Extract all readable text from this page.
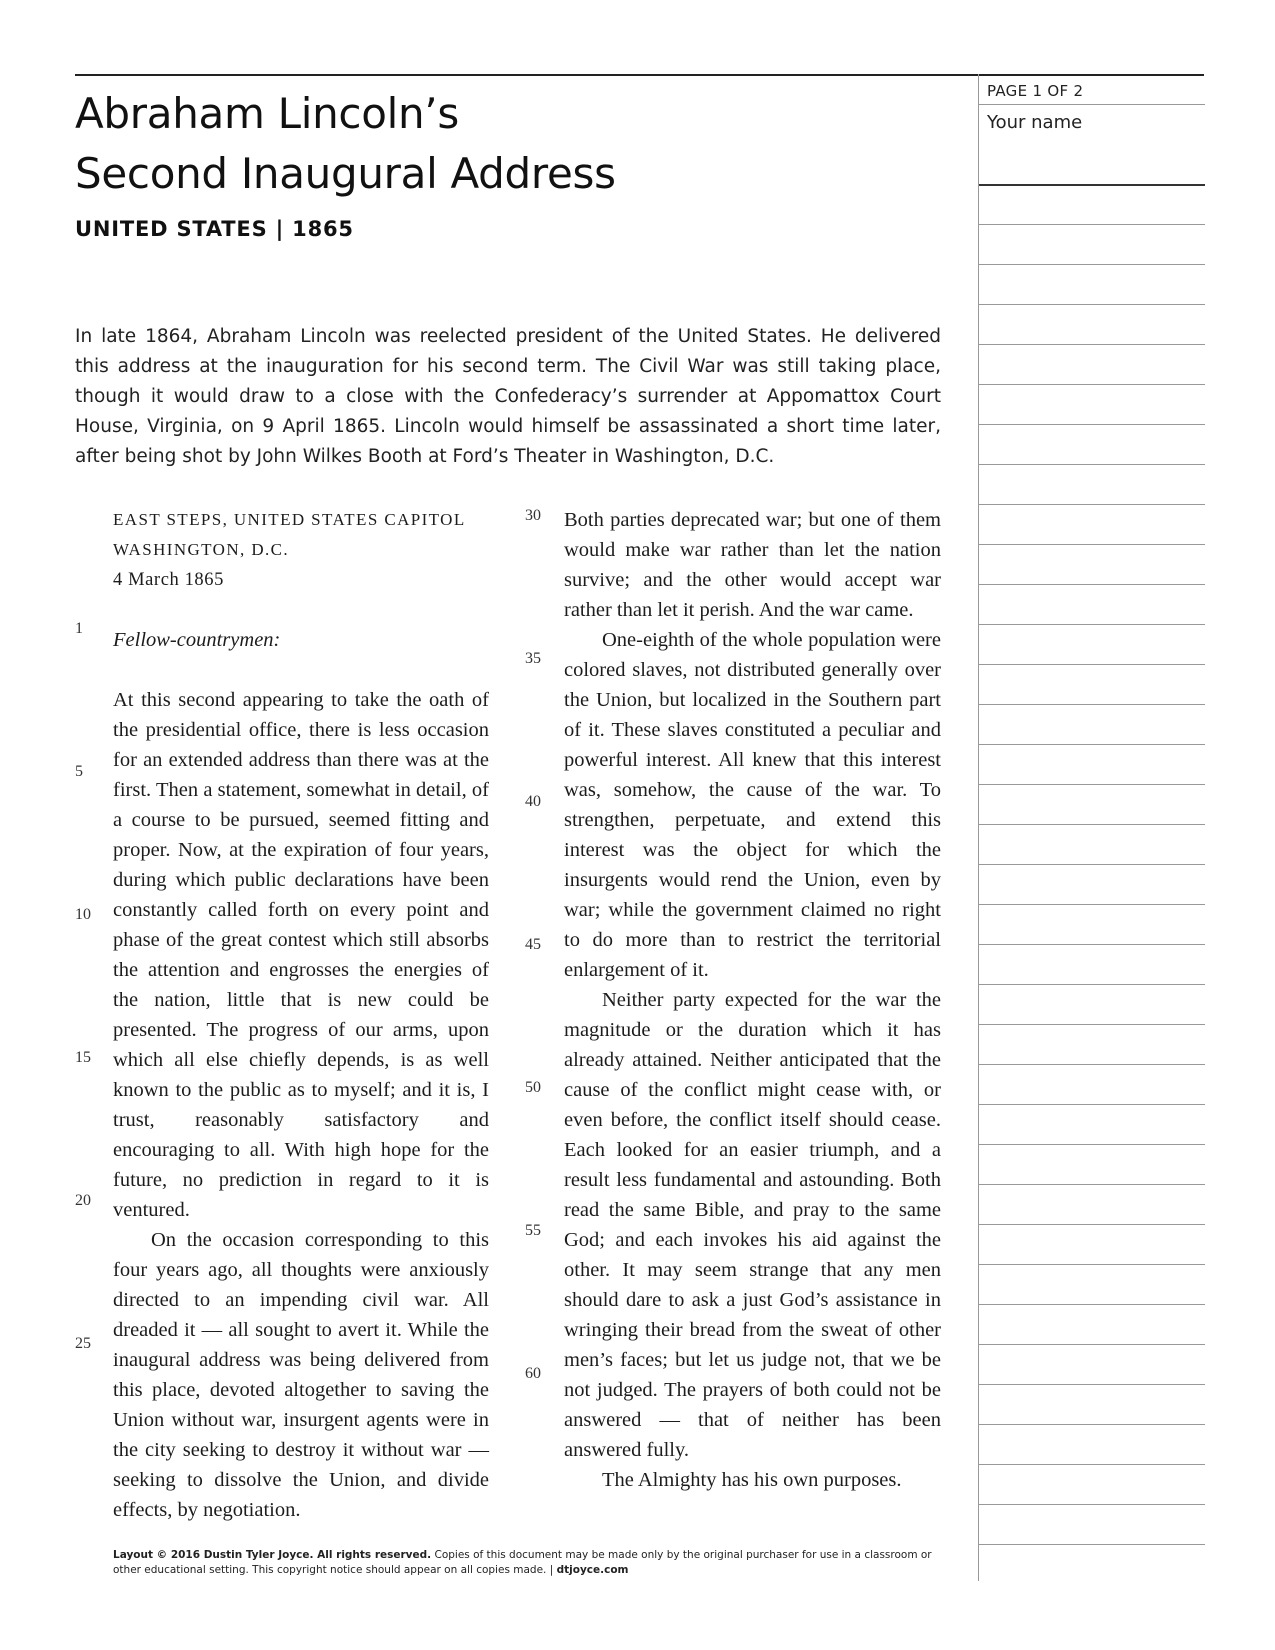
Abraham Lincoln’s
Second Inaugural Address
UNITED STATES | 1865

In late 1864, Abraham Lincoln was reelected president of the United States. He delivered this address at the inauguration for his second term. The Civil War was still taking place, though it would draw to a close with the Confederacy’s surrender at Appomattox Court House, Virginia, on 9 April 1865. Lincoln would himself be assassinated a short time later, after being shot by John Wilkes Booth at Ford’s Theater in Washington, D.C.

EAST STEPS, UNITED STATES CAPITOL
WASHINGTON, D.C.
4 March 1865

Fellow-countrymen:

At this second appearing to take the oath of the presidential office, there is less occasion for an extended address than there was at the first. Then a statement, somewhat in detail, of a course to be pursued, seemed fitting and proper. Now, at the expiration of four years, during which public declarations have been constantly called forth on every point and phase of the great contest which still absorbs the attention and engrosses the energies of the nation, little that is new could be presented. The progress of our arms, upon which all else chiefly depends, is as well known to the public as to myself; and it is, I trust, reasonably satisfactory and encouraging to all. With high hope for the future, no prediction in regard to it is ventured.

On the occasion corresponding to this four years ago, all thoughts were anxiously directed to an impending civil war. All dreaded it — all sought to avert it. While the inaugural address was being delivered from this place, devoted altogether to saving the Union without war, insurgent agents were in the city seeking to destroy it without war — seeking to dissolve the Union, and divide effects, by negotiation.

Both parties deprecated war; but one of them would make war rather than let the nation survive; and the other would accept war rather than let it perish. And the war came.

One-eighth of the whole population were colored slaves, not distributed generally over the Union, but localized in the Southern part of it. These slaves constituted a peculiar and powerful interest. All knew that this interest was, somehow, the cause of the war. To strengthen, perpetuate, and extend this interest was the object for which the insurgents would rend the Union, even by war; while the government claimed no right to do more than to restrict the territorial enlargement of it.

Neither party expected for the war the magnitude or the duration which it has already attained. Neither anticipated that the cause of the conflict might cease with, or even before, the conflict itself should cease. Each looked for an easier triumph, and a result less fundamental and astounding. Both read the same Bible, and pray to the same God; and each invokes his aid against the other. It may seem strange that any men should dare to ask a just God’s assistance in wringing their bread from the sweat of other men’s faces; but let us judge not, that we be not judged. The prayers of both could not be answered — that of neither has been answered fully.

The Almighty has his own purposes.

1
5
10
15
20
25
30
35
40
45
50
55
60
PAGE 1 OF 2
Your name
Layout © 2016 Dustin Tyler Joyce. All rights reserved. Copies of this document may be made only by the original purchaser for use in a classroom or other educational setting. This copyright notice should appear on all copies made. | dtjoyce.com
